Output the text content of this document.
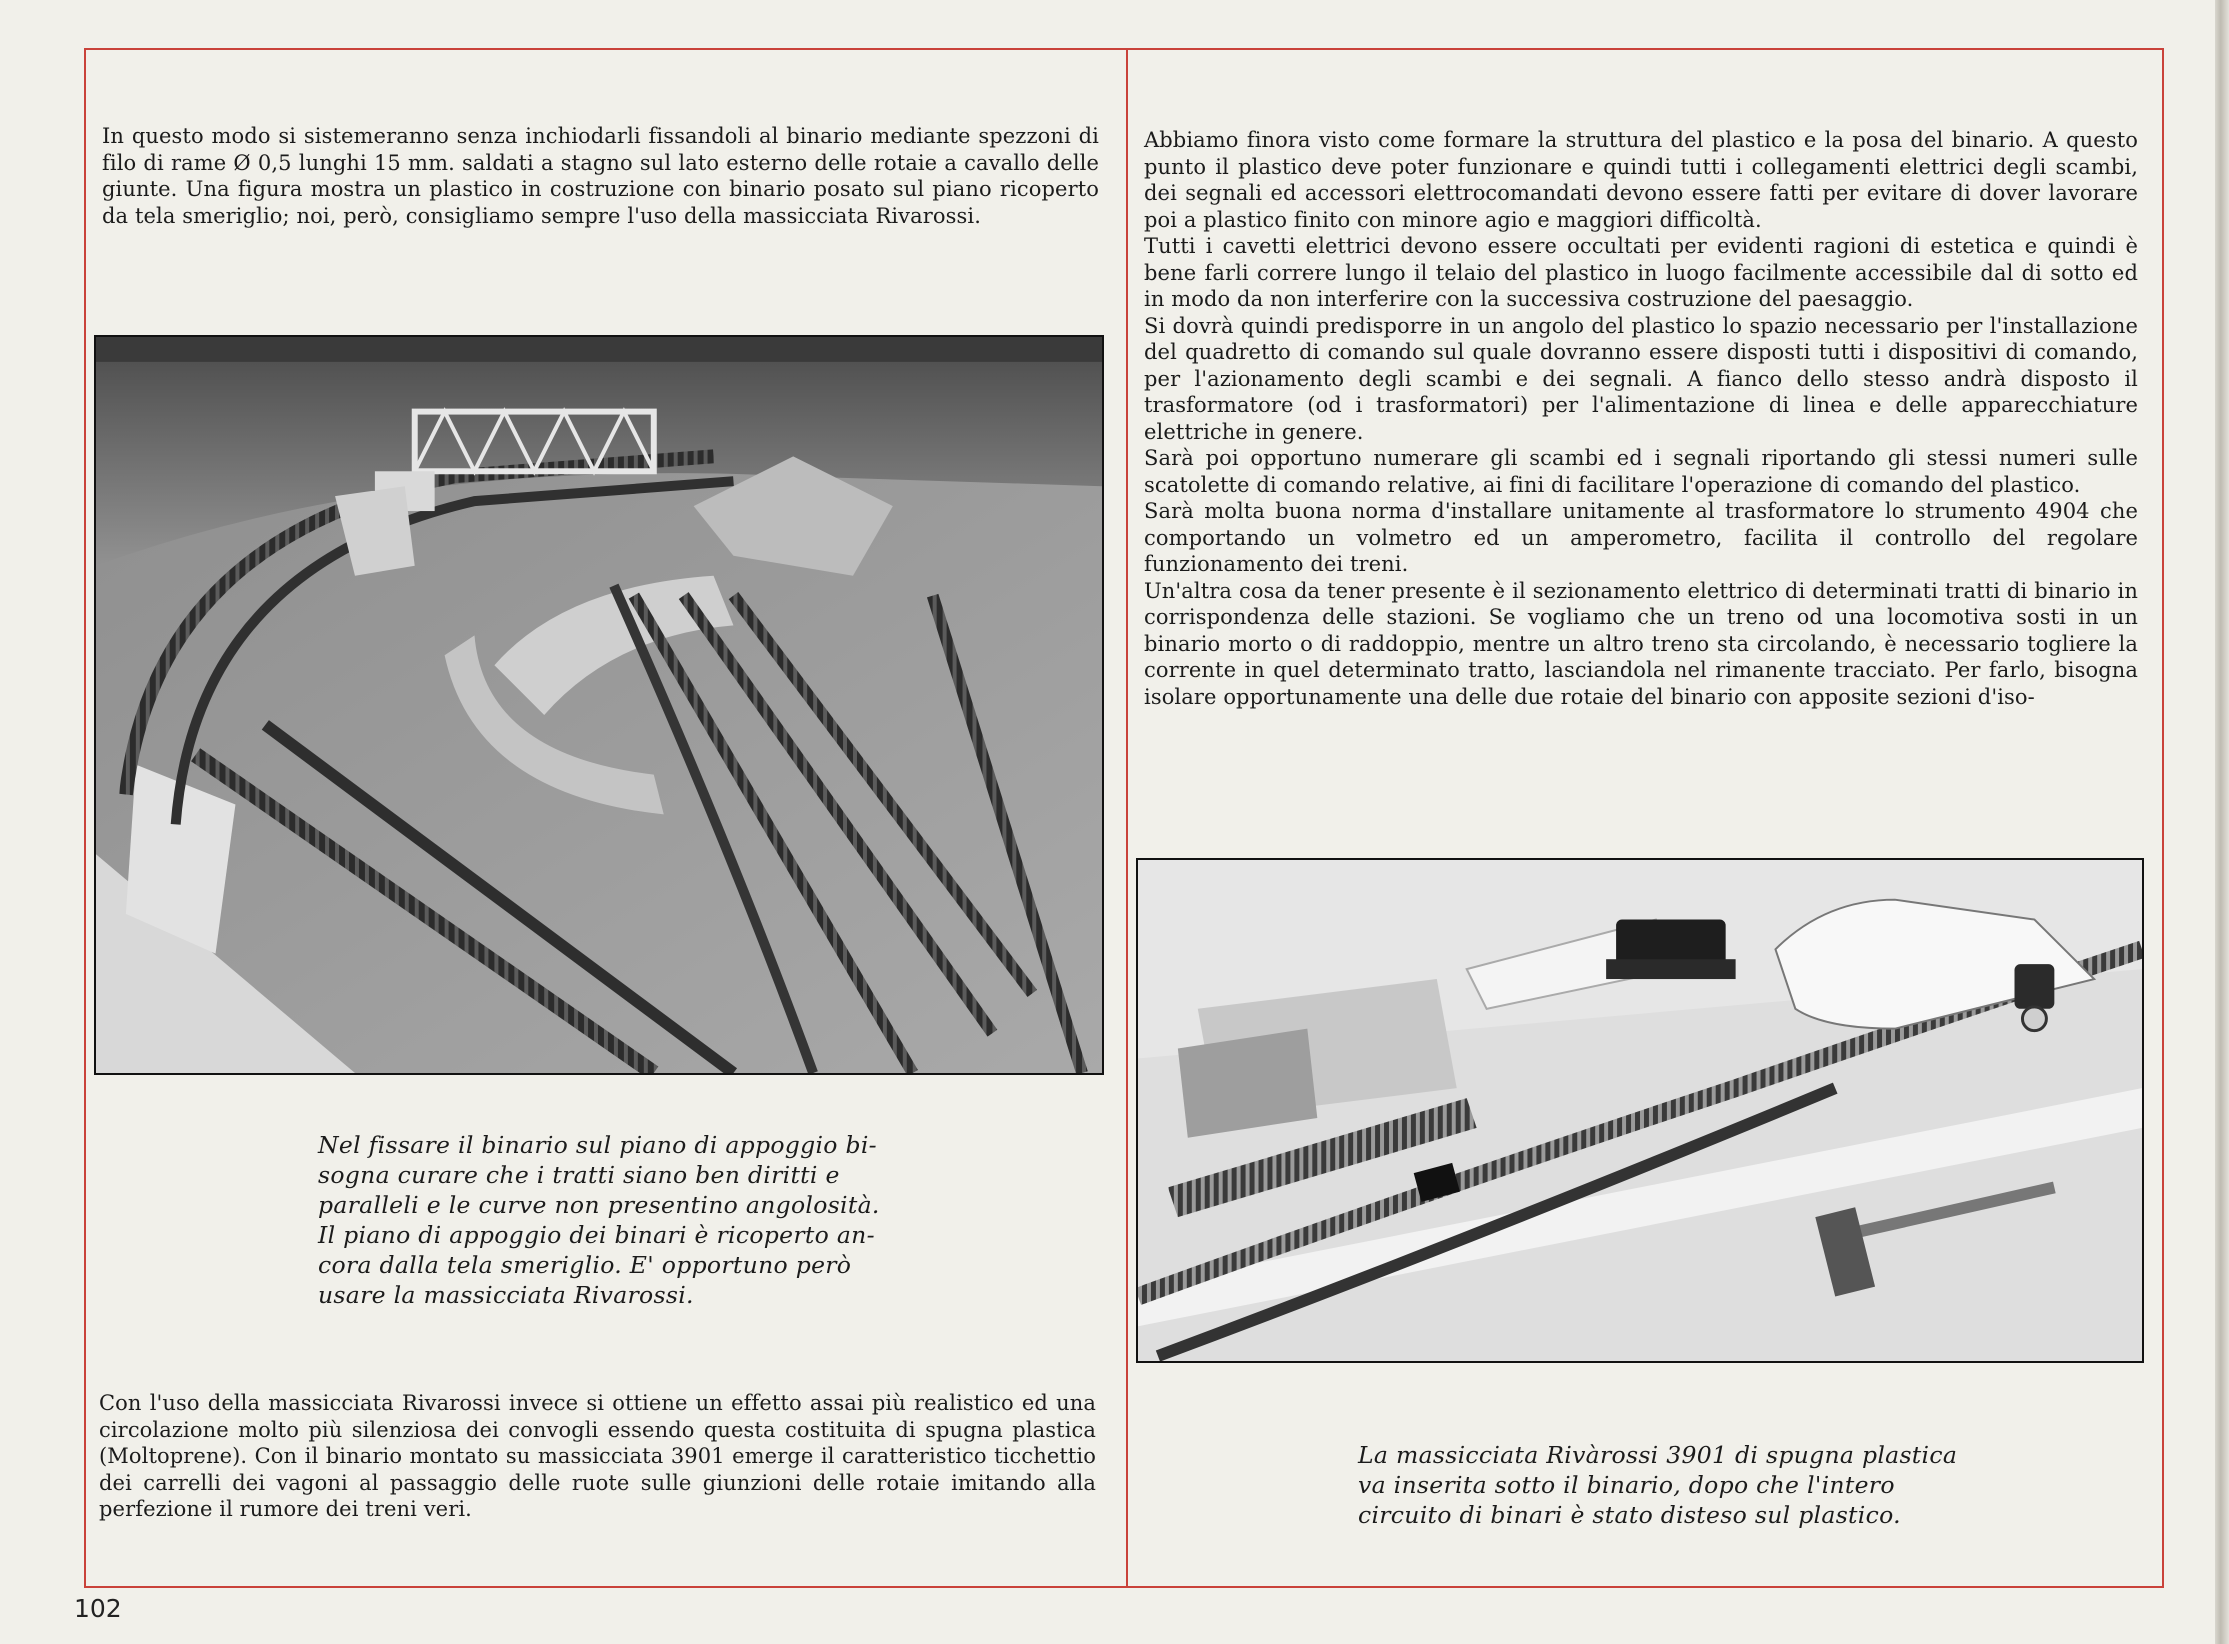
In questo modo si sistemeranno senza inchiodarli fissandoli al binario mediante spezzoni di filo di rame Ø 0,5 lunghi 15 mm. saldati a stagno sul lato esterno delle rotaie a cavallo delle giunte. Una figura mostra un plastico in costruzione con binario posato sul piano ricoperto da tela smeriglio; noi, però, consigliamo sempre l'uso della massicciata Rivarossi.

Nel fissare il binario sul piano di appoggio bi-
sogna curare che i tratti siano ben diritti e
paralleli e le curve non presentino angolosità.
Il piano di appoggio dei binari è ricoperto an-
cora dalla tela smeriglio. E' opportuno però
usare la massicciata Rivarossi.

Con l'uso della massicciata Rivarossi invece si ottiene un effetto assai più realistico ed una circolazione molto più silenziosa dei convogli essendo questa costituita di spugna plastica (Moltoprene). Con il binario montato su massicciata 3901 emerge il caratteristico ticchettio dei carrelli dei vagoni al passaggio delle ruote sulle giunzioni delle rotaie imitando alla perfezione il rumore dei treni veri.

Abbiamo finora visto come formare la struttura del plastico e la posa del binario. A questo punto il plastico deve poter funzionare e quindi tutti i collegamenti elettrici degli scambi, dei segnali ed accessori elettrocomandati devono essere fatti per evitare di dover lavorare poi a plastico finito con minore agio e maggiori difficoltà.

Tutti i cavetti elettrici devono essere occultati per evidenti ragioni di estetica e quindi è bene farli correre lungo il telaio del plastico in luogo facilmente accessibile dal di sotto ed in modo da non interferire con la successiva costruzione del paesaggio.

Si dovrà quindi predisporre in un angolo del plastico lo spazio necessario per l'installazione del quadretto di comando sul quale dovranno essere disposti tutti i dispositivi di comando, per l'azionamento degli scambi e dei segnali. A fianco dello stesso andrà disposto il trasformatore (od i trasformatori) per l'alimentazione di linea e delle apparecchiature elettriche in genere.

Sarà poi opportuno numerare gli scambi ed i segnali riportando gli stessi numeri sulle scatolette di comando relative, ai fini di facilitare l'operazione di comando del plastico.

Sarà molta buona norma d'installare unitamente al trasformatore lo strumento 4904 che comportando un volmetro ed un amperometro, facilita il controllo del regolare funzionamento dei treni.

Un'altra cosa da tener presente è il sezionamento elettrico di determinati tratti di binario in corrispondenza delle stazioni. Se vogliamo che un treno od una locomotiva sosti in un binario morto o di raddoppio, mentre un altro treno sta circolando, è necessario togliere la corrente in quel determinato tratto, lasciandola nel rimanente tracciato. Per farlo, bisogna isolare opportunamente una delle due rotaie del binario con apposite sezioni d'iso-

La massicciata Rivàrossi 3901 di spugna plastica
va inserita sotto il binario, dopo che l'intero
circuito di binari è stato disteso sul plastico.
102
